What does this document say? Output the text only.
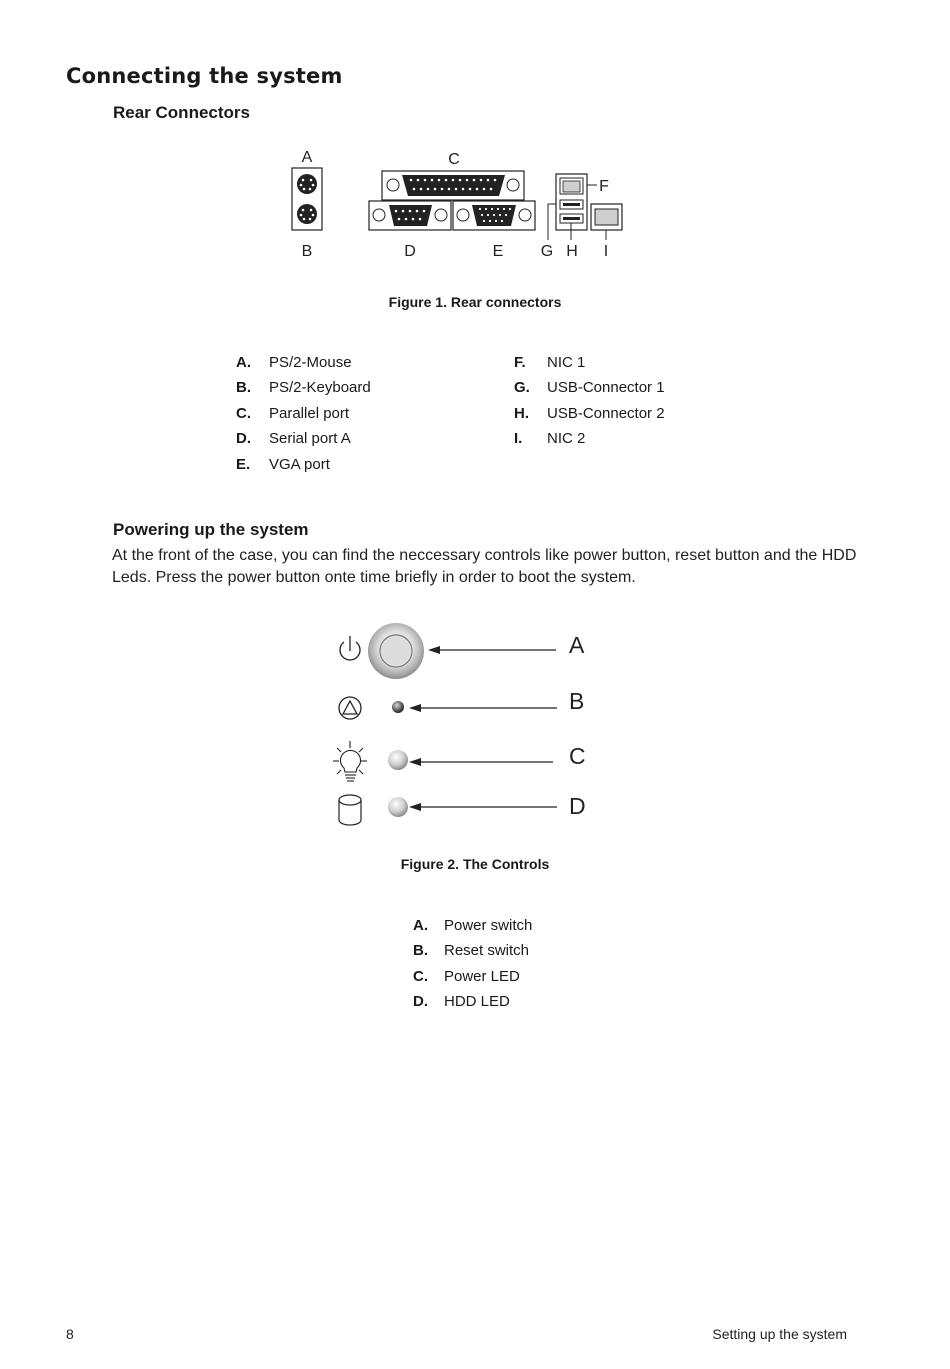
Connecting the system
Rear Connectors
A
B
C
D	E
F
G H I
Figure 1. Rear connectors
A. PS/2-Mouse
B. PS/2-Keyboard
C. Parallel port
D. Serial port A
E. VGA port
F. NIC 1
G. USB-Connector 1
H. USB-Connector 2
I. NIC 2
Powering up the system
At the front of the case, you can find the neccessary controls like power button, reset button and the HDD Leds. Press the power button onte time briefly in order to boot the system.
A
B
C
D
Figure 2. The Controls
A. Power switch
B. Reset switch
C. Power LED
D. HDD LED
8	Setting up the system
